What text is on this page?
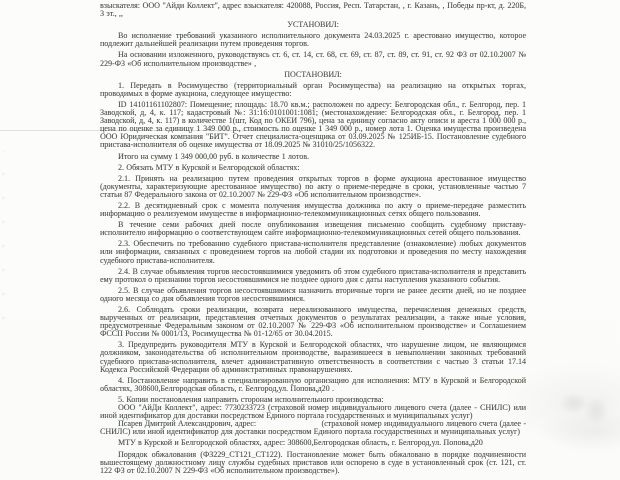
взыскателя: ООО "Айди Коллект", адрес взыскателя: 420088, Россия, Респ. Татарстан, , г. Казань, , Победы пр-кт, д. 220Б, 3 эт., ,,

УСТАНОВИЛ:

Во исполнение требований указанного исполнительного документа 24.03.2025 г. арестовано имущество, которое подлежит дальнейшей реализации путем проведения торгов.

На основании изложенного, руководствуясь ст. 6, ст. 14, ст. 68, ст. 69, ст. 87, ст. 89, ст. 91, ст. 92 ФЗ от 02.10.2007 № 229-ФЗ «Об исполнительном производстве» ,

ПОСТАНОВИЛ:

1. Передать в Росимущество (территориальный орган Росимущества) на реализацию на открытых торгах, проводимых в форме аукциона, следующее имущество:

ID 14101161102807: Помещение; площадь: 18.70 кв.м.; расположен по адресу: Белгородская обл., г. Белгород, пер. 1 Заводской, д, 4, к. 117; кадастровый №: 31:16:0101001:1081; (местонахождение: Белгородская обл., г. Белгород, пер. 1 Заводской, д, 4, к. 117) в количестве 1(шт, Код по ОКЕИ 796), цена за единицу согласно акту описи и ареста 1 000 000 р., цена по оценке за единицу 1 349 000 р., стоимость по оценке 1 349 000 р., номер лота 1. Оценка имущества произведена ООО Юридическая компания "БИТ". Отчет специалиста-оценщика от 03.09.2025 № 125ИБ-15. Постановление судебного пристава-исполнителя об оценке имущества от 18.09.2025 № 31010/25/1056322.

Итого на сумму 1 349 000,00 руб. в количестве 1 лотов.

2. Обязать МТУ в Курской и Белгородской областях:

2.1. Принять на реализацию путем проведения открытых торгов в форме аукциона арестованное имущество (документы, характеризующие арестованное имущество) по акту о приеме-передаче в сроки, установленные частью 7 статьи 87 Федерального закона от 02.10.2007 № 229-ФЗ «Об исполнительном производстве».

2.2. В десятидневный срок с момента получения имущества должника по акту о приеме-передаче разместить информацию о реализуемом имуществе в информационно-телекоммуникационных сетях общего пользования.

В течение семи рабочих дней после опубликования извещения письменно сообщить судебному приставу-исполнителю информацию о соответствующем сайте информационно-телекоммуникационных сетей общего пользования.

2.3. Обеспечить по требованию судебного пристава-исполнителя представление (ознакомление) любых документов или информации, связанных с проведением торгов на любой стадии их подготовки и проведения по месту нахождения судебного пристава-исполнителя.

2.4. В случае объявления торгов несостоявшимися уведомить об этом судебного пристава-исполнителя и представить ему протокол о признании торгов несостоявшимися не позднее одного дня с даты наступления указанного события.

2.5. В случае объявления торгов несостоявшимися назначить вторичные торги не ранее десяти дней, но не позднее одного месяца со дня объявления торгов несостоявшимися.

2.6. Соблюдать сроки реализации, возврата нереализованного имущества, перечисления денежных средств, вырученных от реализации, представления отчетных документов о результатах реализации, а также иные условия, предусмотренные Федеральным законом от 02.10.2007 № 229-ФЗ «Об исполнительном производстве» и Соглашением ФССП России № 0001/13, Росимущества № 01-12/65 от 30.04.2015.

3. Предупредить руководителя МТУ в Курской и Белгородской областях, что нарушение лицом, не являющимся должником, законодательства об исполнительном производстве, выразившееся в невыполнении законных требований судебного пристава-исполнителя, влечет административную ответственность в соответствии с частью 3 статьи 17.14 Кодекса Российской Федерации об административных правонарушениях.

4. Постановление направить в специализированную организацию для исполнения: МТУ в Курской и Белгородской областях, 308600,Белгородская область, г. Белгород,ул. Попова,д20 .

5. Копии постановления направить сторонам исполнительного производства:

ООО "АйДи Коллект", адрес: 7730233723 (страховой номер индивидуального лицевого счета (далее - СНИЛС) или иной идентификатор для доставки посредством Единого портала государственных и муниципальных услуг)

Псарев Дмитрий Александрович, адрес:                            (страховой номер индивидуального лицевого счета (далее - СНИЛС) или иной идентификатор для доставки посредством Единого портала государственных и муниципальных услуг)

МТУ в Курской и Белгородской областях, адрес: 308600,Белгородская область, г. Белгород,ул. Попова,д20

Порядок обжалования (ФЗ229_СТ121_СТ122). Постановление может быть обжаловано в порядке подчиненности вышестоящему должностному лицу службы судебных приставов или оспорено в суде в установленный срок (ст. 121, ст. 122 ФЗ от 02.10.2007 N 229-ФЗ «Об исполнительном производстве»).
